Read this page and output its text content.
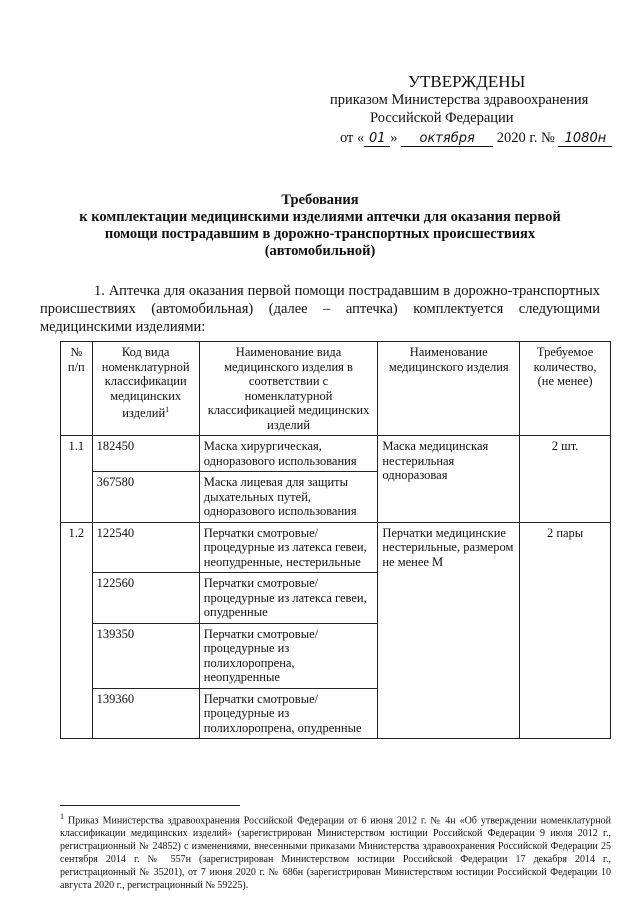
УТВЕРЖДЕНЫ
приказом Министерства здравоохранения
Российской Федерации
от « 01 » октября 2020 г. № 1080н
Требования
к комплектации медицинскими изделиями аптечки для оказания первой
помощи пострадавшим в дорожно-транспортных происшествиях
(автомобильной)
1. Аптечка для оказания первой помощи пострадавшим в дорожно-транспортных происшествиях (автомобильная) (далее – аптечка) комплектуется следующими медицинскими изделиями:
№ п/п	Код вида номенклатурной классификации медицинских изделий$^1$	Наименование вида медицинского изделия в соответствии с номенклатурной классификацией медицинских изделий	Наименование медицинского изделия	Требуемое количество, (не менее)
1.1	182450	Маска хирургическая, одноразового использования	Маска медицинская нестерильная одноразовая	2 шт.
	367580	Маска лицевая для защиты дыхательных путей, одноразового использования		
1.2	122540	Перчатки смотровые/процедурные из латекса гевеи, неопудренные, нестерильные	Перчатки медицинские нестерильные, размером не менее М	2 пары
	122560	Перчатки смотровые/процедурные из латекса гевеи, опудренные		
	139350	Перчатки смотровые/процедурные из полихлоропрена, неопудренные		
	139360	Перчатки смотровые/процедурные из полихлоропрена, опудренные		
$^1$ Приказ Министерства здравоохранения Российской Федерации от 6 июня 2012 г. № 4н «Об утверждении номенклатурной классификации медицинских изделий» (зарегистрирован Министерством юстиции Российской Федерации 9 июля 2012 г., регистрационный № 24852) с изменениями, внесенными приказами Министерства здравоохранения Российской Федерации 25 сентября 2014 г. № 557н (зарегистрирован Министерством юстиции Российской Федерации 17 декабря 2014 г., регистрационный № 35201), от 7 июня 2020 г. № 686н (зарегистрирован Министерством юстиции Российской Федерации 10 августа 2020 г., регистрационный № 59225).
